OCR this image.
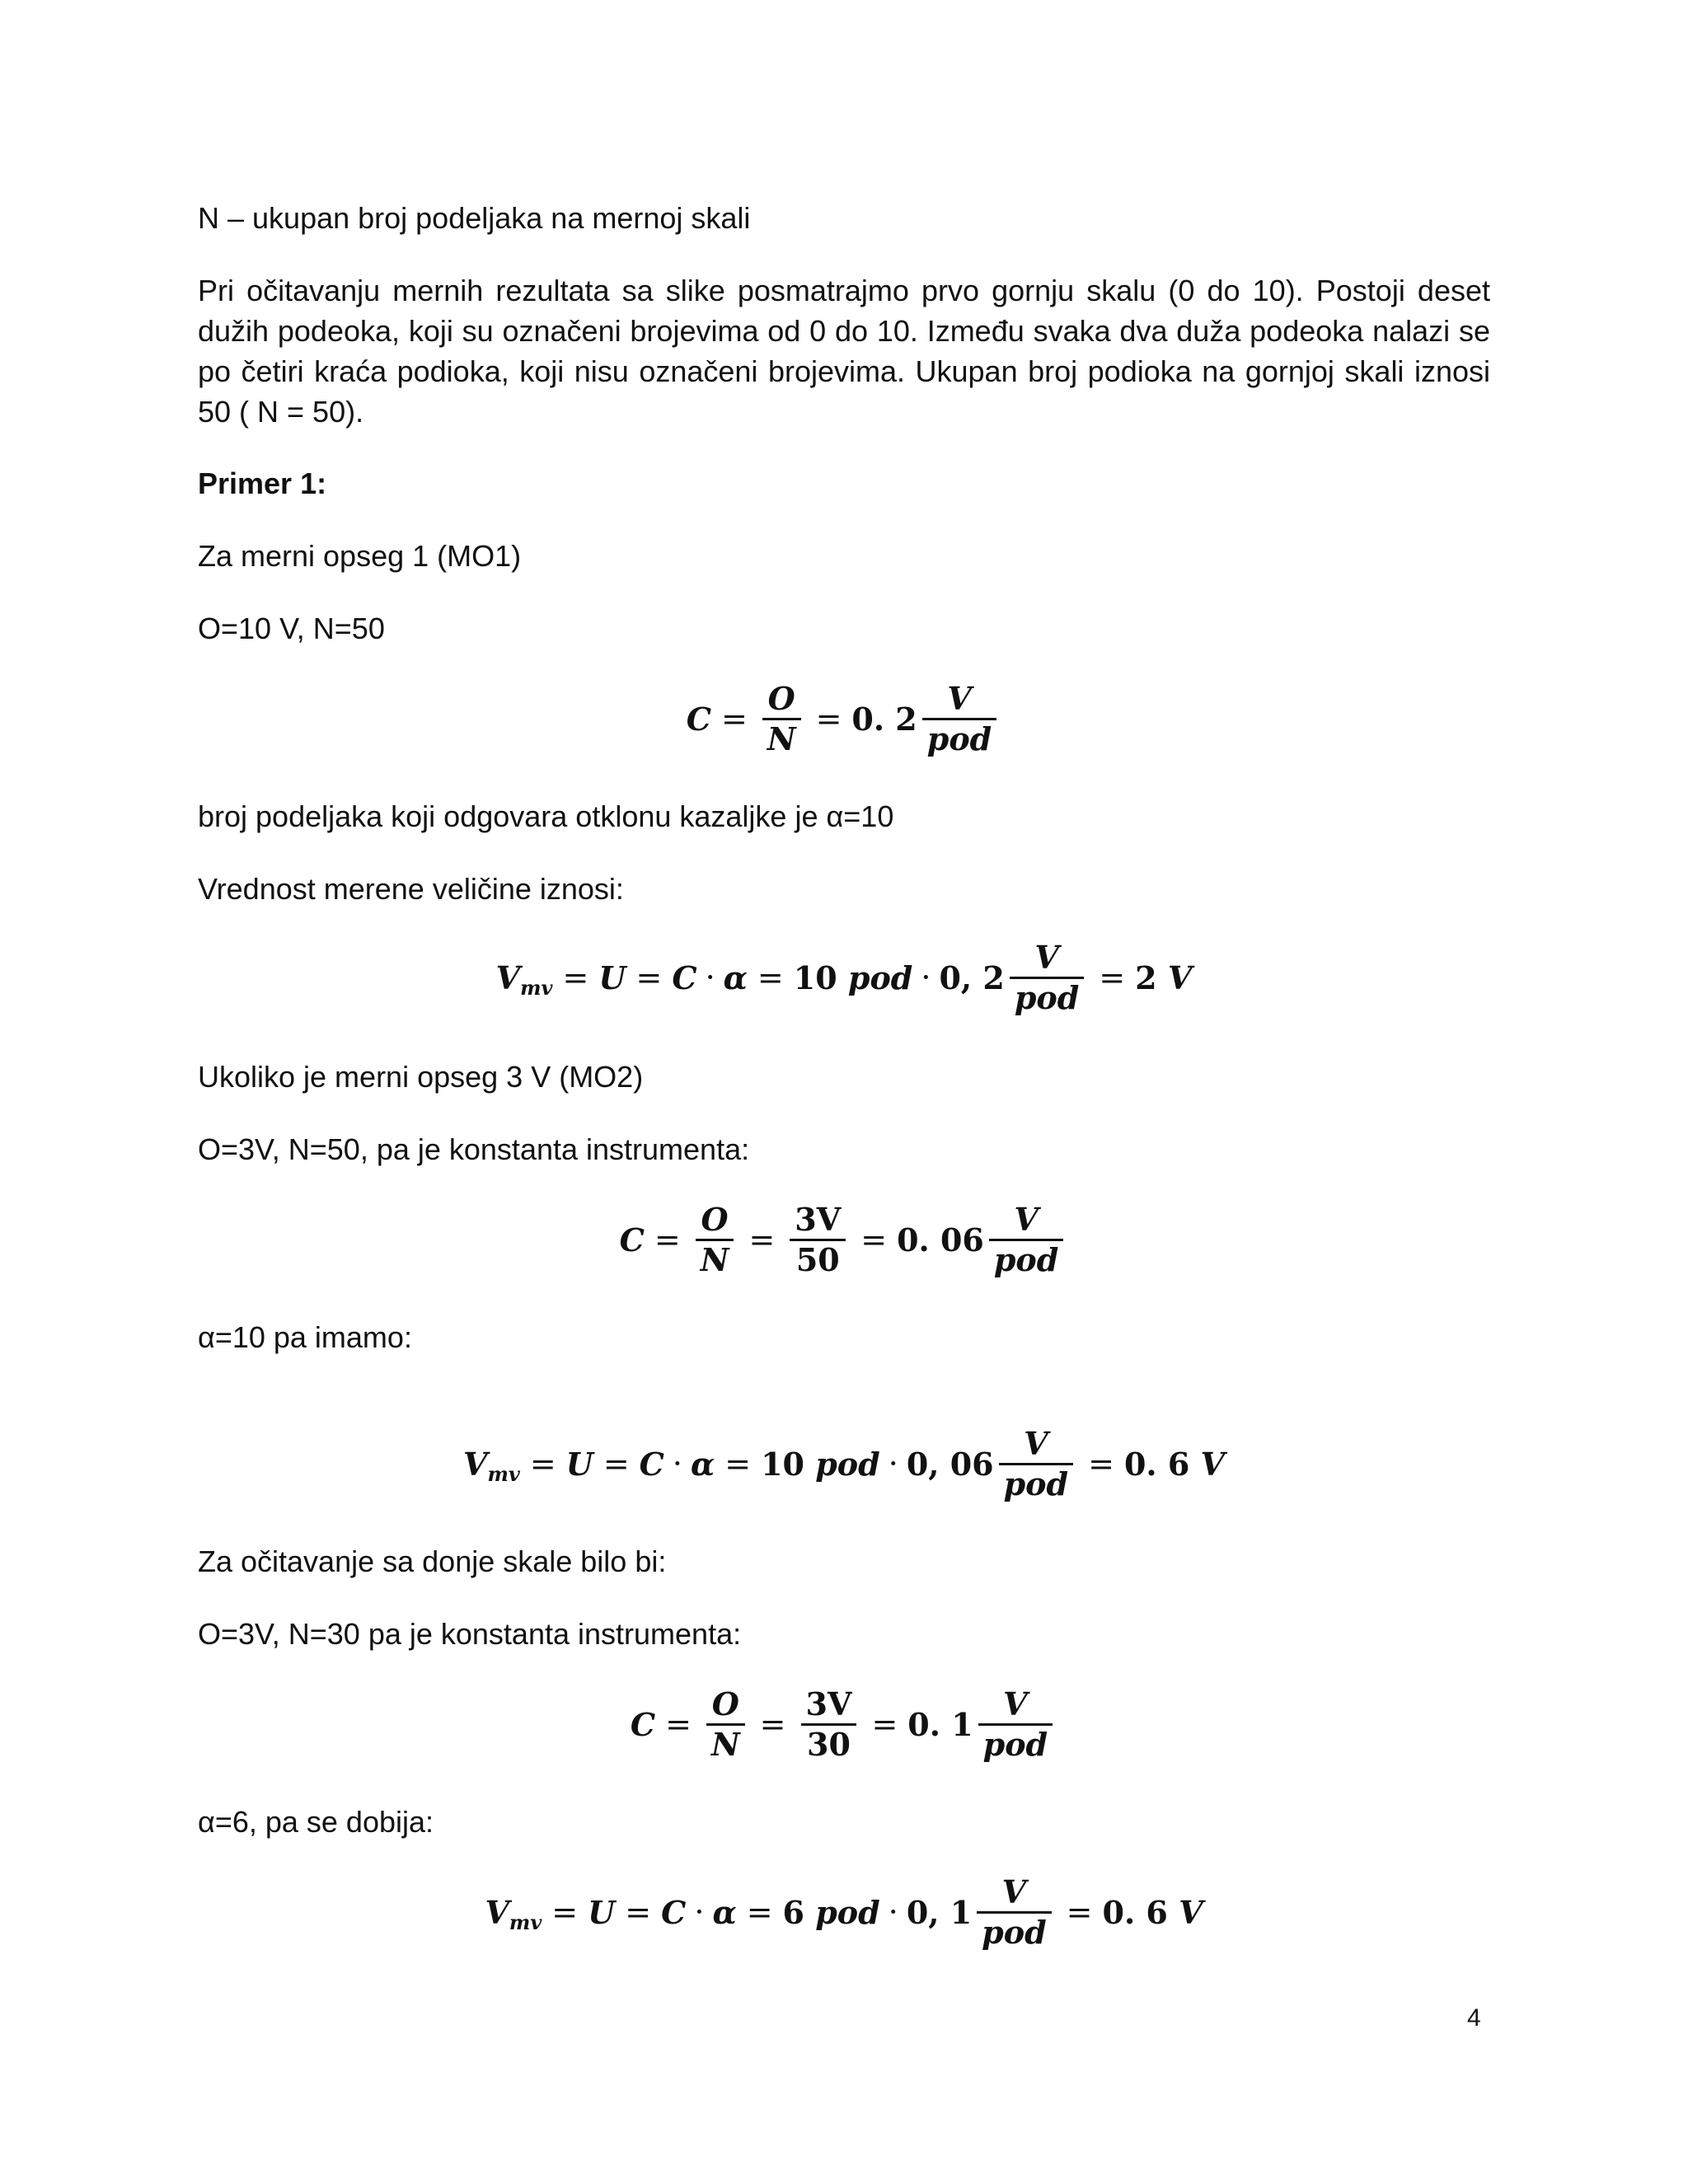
N – ukupan broj podeljaka na mernoj skali

Pri očitavanju mernih rezultata sa slike posmatrajmo prvo gornju skalu (0 do 10). Postoji deset dužih podeoka, koji su označeni brojevima od 0 do 10. Između svaka dva duža podeoka nalazi se po četiri kraća podioka, koji nisu označeni brojevima. Ukupan broj podioka na gornjoj skali iznosi 50 ( N = 50).

Primer 1:

Za merni opseg 1 (MO1)

O=10 V, N=50

$C = \frac{O}{N} = 0$. $2 \frac{V}{\text{pod}}$

broj podeljaka koji odgovara otklonu kazaljke je α=10

Vrednost merene veličine iznosi:

V mv = U = C · α = 10
pod · 0, $2 \frac{V}{\text{pod}} = 2$
V

Ukoliko je merni opseg 3 V (MO2)

O=3V, N=50, pa je konstanta instrumenta:

$C = \frac{O}{N} = \frac{3V}{50} = 0$. $06 \frac{V}{\text{pod}}$

α=10 pa imamo:

V mv = U = C · α = 10
pod · 0, $06 \frac{V}{\text{pod}} = 0$. 6
V

Za očitavanje sa donje skale bilo bi:

O=3V, N=30 pa je konstanta instrumenta:

$C = \frac{O}{N} = \frac{3V}{30} = 0$. $1 \frac{V}{\text{pod}}$

α=6, pa se dobija:

V mv = U = C · α = 6
pod · 0, $1 \frac{V}{\text{pod}} = 0$. 6
V
4
